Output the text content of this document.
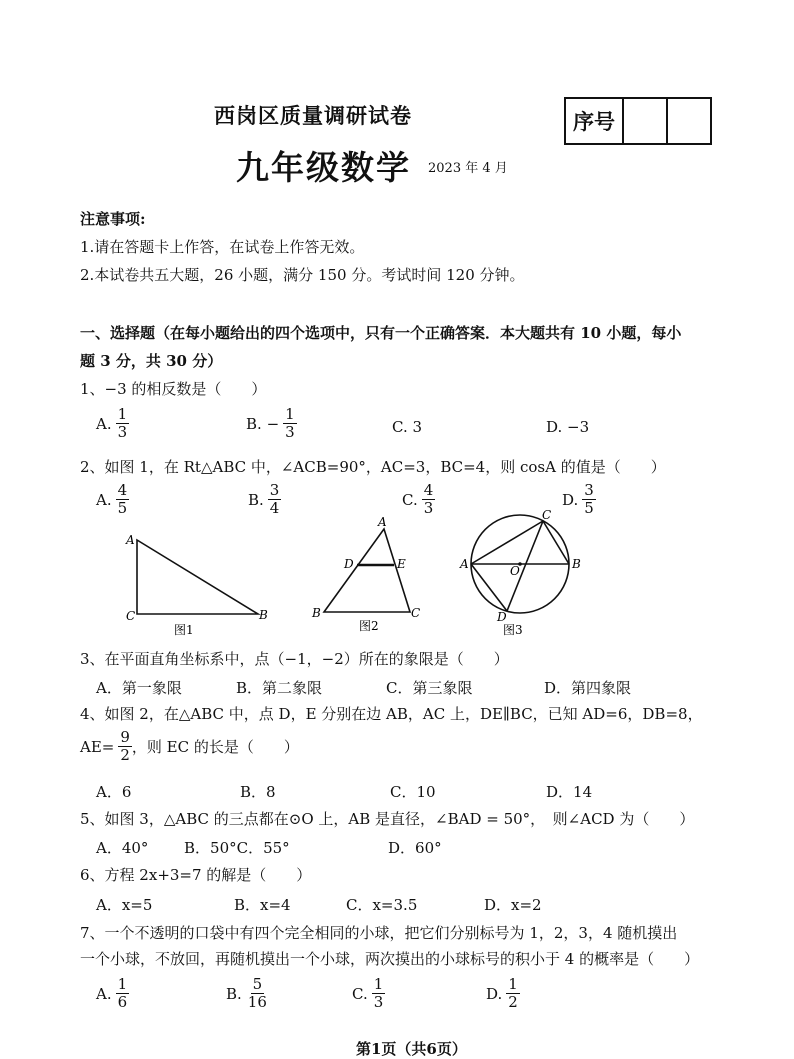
西岗区质量调研试卷
九年级数学 2023 年 4 月
序号
注意事项:
1.请在答题卡上作答，在试卷上作答无效。
2.本试卷共五大题，26 小题，满分 150 分。考试时间 120 分钟。
一、选择题（在每小题给出的四个选项中，只有一个正确答案．本大题共有 10 小题，每小
题 3 分，共 30 分）
1、−3 的相反数是（　　）
A. $\frac{1}{3}$	B. − $\frac{1}{3}$	C. 3	D. −3
2、如图 1，在 Rt△ABC 中，∠ACB=90°，AC=3，BC=4，则 cosA 的值是（　　）
A. $\frac{4}{5}$	B. $\frac{3}{4}$	C. $\frac{4}{3}$	D. $\frac{3}{5}$
A
C	B
图1
A
D	E
B	C
图2
A	B
C
D
O
图3
3、在平面直角坐标系中，点（−1，−2）所在的象限是（　　）
A．第一象限	B．第二象限	C．第三象限	D．第四象限
4、如图 2，在△ABC 中，点 D，E 分别在边 AB，AC 上，DE∥BC，已知 AD=6，DB=8，
$AE= \frac{9}{2}$ ，则 EC 的长是（　　）
A．6	B．8	C．10	D．14
5、如图 3，△ABC 的三点都在⊙O 上，AB 是直径，∠BAD = 50°，　则∠ACD 为（　　）
A．40° B．50°C．55°	D．60°
6、方程 2x+3=7 的解是（　　）
A．x=5	B．x=4	C．x=3.5	D．x=2
7、一个不透明的口袋中有四个完全相同的小球，把它们分别标号为 1，2，3，4 随机摸出
一个小球，不放回，再随机摸出一个小球，两次摸出的小球标号的积小于 4 的概率是（　　）
A. $\frac{1}{6}$	B. $\frac{5}{16}$	C. $\frac{1}{3}$	D. $\frac{1}{2}$
第1页（共6页）
